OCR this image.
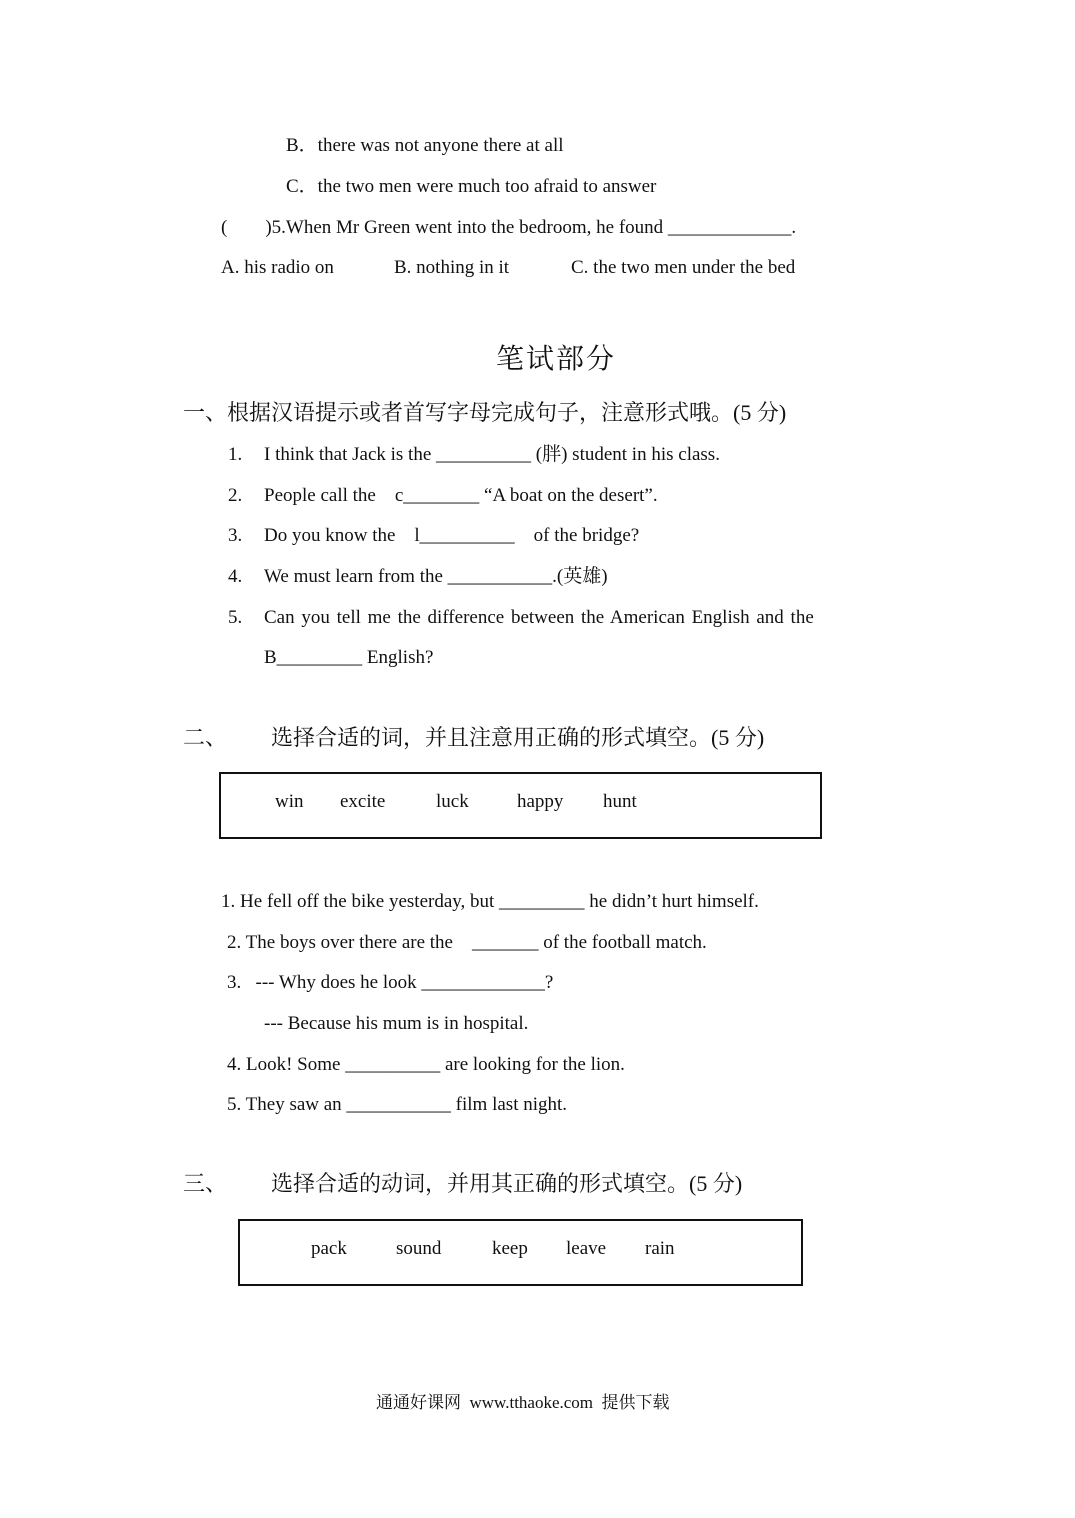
B．there was not anyone there at all
C．the two men were much too afraid to answer
(　　)5.When Mr Green went into the bedroom, he found _____________.
A. his radio on	B. nothing in it	C. the two men under the bed
笔试部分
一、根据汉语提示或者首写字母完成句子，注意形式哦。(5 分)
1. I think that Jack is the __________ (胖) student in his class.
2. People call the    c________ “A boat on the desert”.
3. Do you know the    l__________    of the bridge?
4. We must learn from the ___________.(英雄)
5. Can you tell me the difference between the American English and the
B_________ English?
二、 选择合适的词，并且注意用正确的形式填空。(5 分)
win excite	luck	happy hunt
1. He fell off the bike yesterday, but _________ he didn’t hurt himself.
2. The boys over there are the    _______ of the football match.
3.   --- Why does he look _____________?
--- Because his mum is in hospital.
4. Look! Some __________ are looking for the lion.
5. They saw an ___________ film last night.
三、 选择合适的动词，并用其正确的形式填空。(5 分)
pack	sound	keep leave rain
通通好课网  www.tthaoke.com  提供下载
